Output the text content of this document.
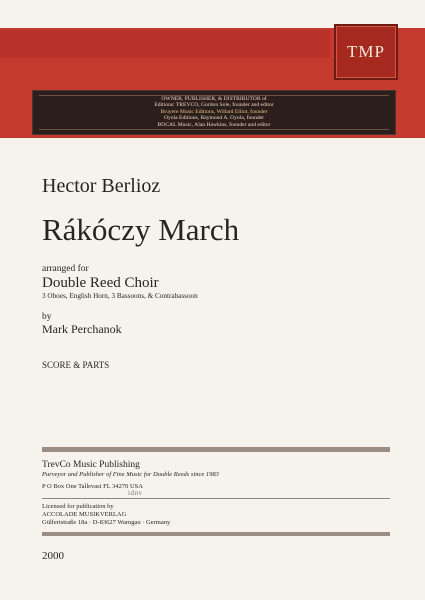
TMP
OWNER, PUBLISHER, & DISTRIBUTOR of
Editions: TREVCO, Gordon Sole, founder and editor
Bruyere Music Editions, Willard Elliot, founder
Oyola Editions, Raymond A. Oyola, founder
BOCAL Music, Alan Hawkins, founder and editor
Hector Berlioz
Rákóczy March
arranged for
Double Reed Choir
3 Oboes, English Horn, 3 Bassoons, & Contrabassoon
by
Mark Perchanok
SCORE & PARTS
TrevCo Music Publishing
Purveyor and Publisher of Fine Music for Double Reeds since 1983
P O Box One Tallevast FL 34270 USA
idnv
Licensed for publication by
ACCOLADE MUSIKVERLAG
Gülfertstraße 18a · D-83627 Warngau · Germany
2000
